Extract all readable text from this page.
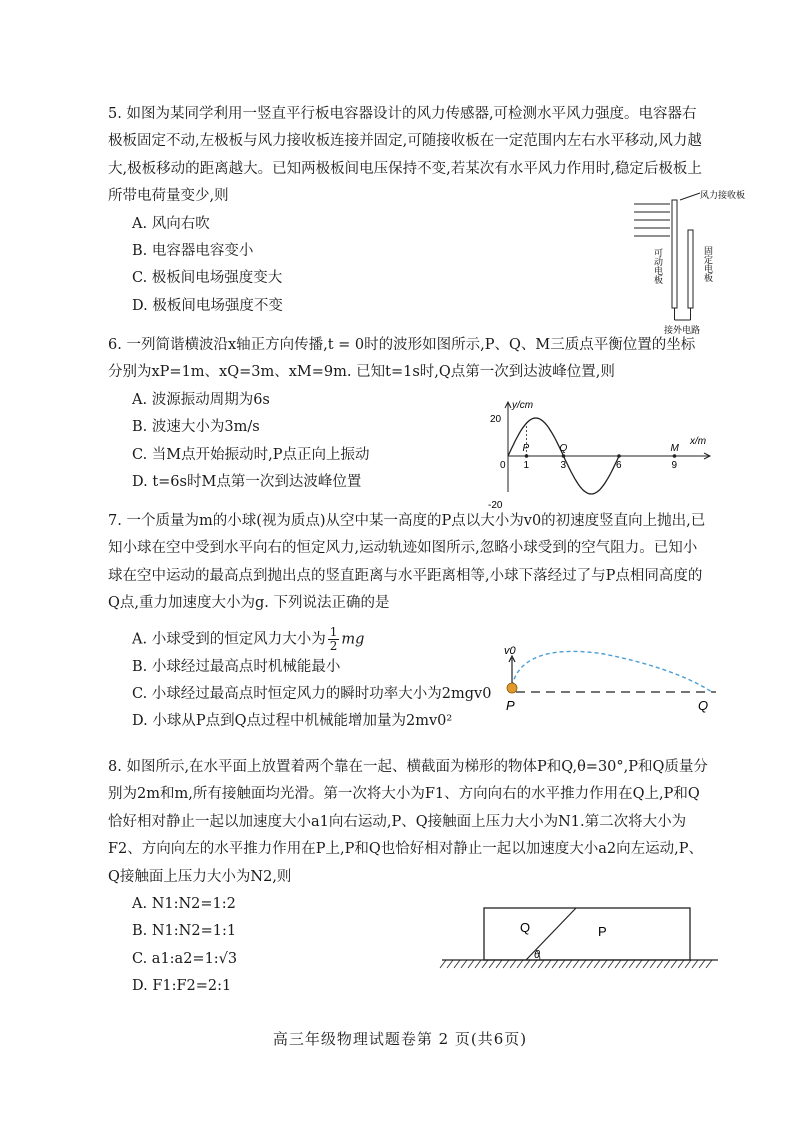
5. 如图为某同学利用一竖直平行板电容器设计的风力传感器,可检测水平风力强度。电容器右极板固定不动,左极板与风力接收板连接并固定,可随接收板在一定范围内左右水平移动,风力越大,极板移动的距离越大。已知两极板间电压保持不变,若某次有水平风力作用时,稳定后极板上所带电荷量变少,则

A. 风向右吹
B. 电容器电容变小
C. 极板间电场强度变大
D. 极板间电场强度不变
风力接收板
可动电板	固定电板
接外电路

6. 一列简谐横波沿x轴正方向传播,t = 0时的波形如图所示,P、Q、M三质点平衡位置的坐标分别为xP=1m、xQ=3m、xM=9m. 已知t=1s时,Q点第一次到达波峰位置,则

A. 波源振动周期为6s
B. 波速大小为3m/s
C. 当M点开始振动时,P点正向上振动
D. t=6s时M点第一次到达波峰位置
y/cm
x/m
0 1	3	6	9
20
-20
P	Q	M

7. 一个质量为m的小球(视为质点)从空中某一高度的P点以大小为v0的初速度竖直向上抛出,已知小球在空中受到水平向右的恒定风力,运动轨迹如图所示,忽略小球受到的空气阻力。已知小球在空中运动的最高点到抛出点的竖直距离与水平距离相等,小球下落经过了与P点相同高度的Q点,重力加速度大小为g. 下列说法正确的是

A. 小球受到的恒定风力大小为 $\frac{1}{2}$ mg
B. 小球经过最高点时机械能最小
C. 小球经过最高点时恒定风力的瞬时功率大小为2mgv0
D. 小球从P点到Q点过程中机械能增加量为2mv0²
v0
P	Q

8. 如图所示,在水平面上放置着两个靠在一起、横截面为梯形的物体P和Q,θ=30°,P和Q质量分别为2m和m,所有接触面均光滑。第一次将大小为F1、方向向右的水平推力作用在Q上,P和Q恰好相对静止一起以加速度大小a1向右运动,P、Q接触面上压力大小为N1.第二次将大小为F2、方向向左的水平推力作用在P上,P和Q也恰好相对静止一起以加速度大小a2向左运动,P、Q接触面上压力大小为N2,则

A. N1:N2=1:2
B. N1:N2=1:1
C. a1:a2=1:√3
D. F1:F2=2:1
Q	P
θ
高三年级物理试题卷第 2 页(共6页)
